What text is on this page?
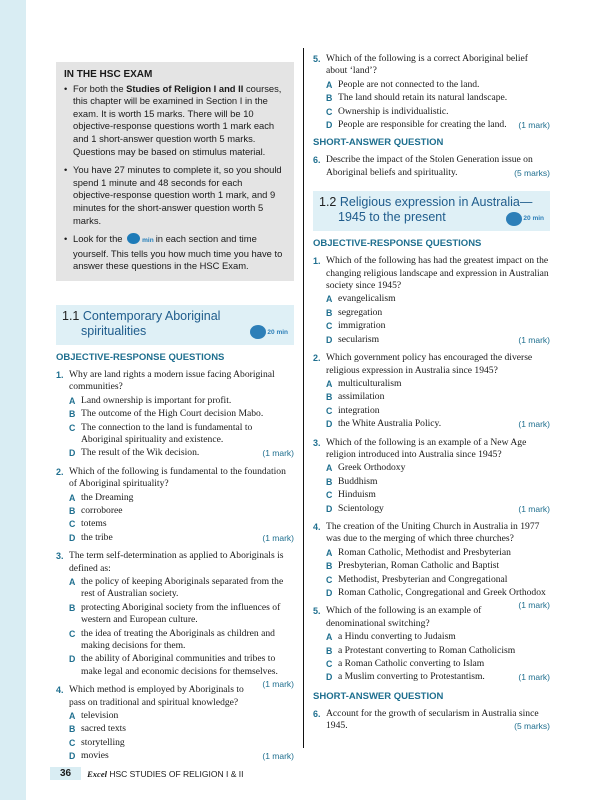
IN THE HSC EXAM
• For both the Studies of Religion I and II courses, this chapter will be examined in Section I in the exam. It is worth 15 marks. There will be 10 objective-response questions worth 1 mark each and 1 short-answer question worth 5 marks. Questions may be based on stimulus material.
• You have 27 minutes to complete it, so you should spend 1 minute and 48 seconds for each objective-response question worth 1 mark, and 9 minutes for the short-answer question worth 5 marks.
• Look for the	min in each section and time yourself. This tells you how much time you have to answer these questions in the HSC Exam.
1.1 Contemporary Aboriginal
spiritualities	20 min
OBJECTIVE-RESPONSE QUESTIONS
1. Why are land rights a modern issue facing Aboriginal communities?
A Land ownership is important for profit.
B The outcome of the High Court decision Mabo.
C The connection to the land is fundamental to Aboriginal spirituality and existence.
D The result of the Wik decision.	(1 mark)
2. Which of the following is fundamental to the foundation of Aboriginal spirituality?
A the Dreaming
B corroboree
C totems
D the tribe	(1 mark)
3. The term self-determination as applied to Aboriginals is defined as:
A the policy of keeping Aboriginals separated from the rest of Australian society.
B protecting Aboriginal society from the influences of western and European culture.
C the idea of treating the Aboriginals as children and making decisions for them.
D the ability of Aboriginal communities and tribes to make legal and economic decisions for themselves.
(1 mark)
4. Which method is employed by Aboriginals to pass on traditional and spiritual knowledge?
A television
B sacred texts
C storytelling
D movies	(1 mark)
5. Which of the following is a correct Aboriginal belief about ‘land’?
A People are not connected to the land.
B The land should retain its natural landscape.
C Ownership is individualistic.
D People are responsible for creating the land. (1 mark)
SHORT-ANSWER QUESTION
6. Describe the impact of the Stolen Generation issue on Aboriginal beliefs and spirituality.	(5 marks)
1.2 Religious expression in Australia—
1945 to the present	20 min
OBJECTIVE-RESPONSE QUESTIONS
1. Which of the following has had the greatest impact on the changing religious landscape and expression in Australian society since 1945?
A evangelicalism
B segregation
C immigration
D secularism	(1 mark)
2. Which government policy has encouraged the diverse religious expression in Australia since 1945?
A multiculturalism
B assimilation
C integration
D the White Australia Policy.	(1 mark)
3. Which of the following is an example of a New Age religion introduced into Australia since 1945?
A Greek Orthodoxy
B Buddhism
C Hinduism
D Scientology	(1 mark)
4. The creation of the Uniting Church in Australia in 1977 was due to the merging of which three churches?
A Roman Catholic, Methodist and Presbyterian
B Presbyterian, Roman Catholic and Baptist
C Methodist, Presbyterian and Congregational
D Roman Catholic, Congregational and Greek Orthodox
(1 mark)
5. Which of the following is an example of denominational switching?
A a Hindu converting to Judaism
B a Protestant converting to Roman Catholicism
C a Roman Catholic converting to Islam
D a Muslim converting to Protestantism.	(1 mark)
SHORT-ANSWER QUESTION
6. Account for the growth of secularism in Australia since 1945.	(5 marks)
36	Excel HSC STUDIES OF RELIGION I & II
